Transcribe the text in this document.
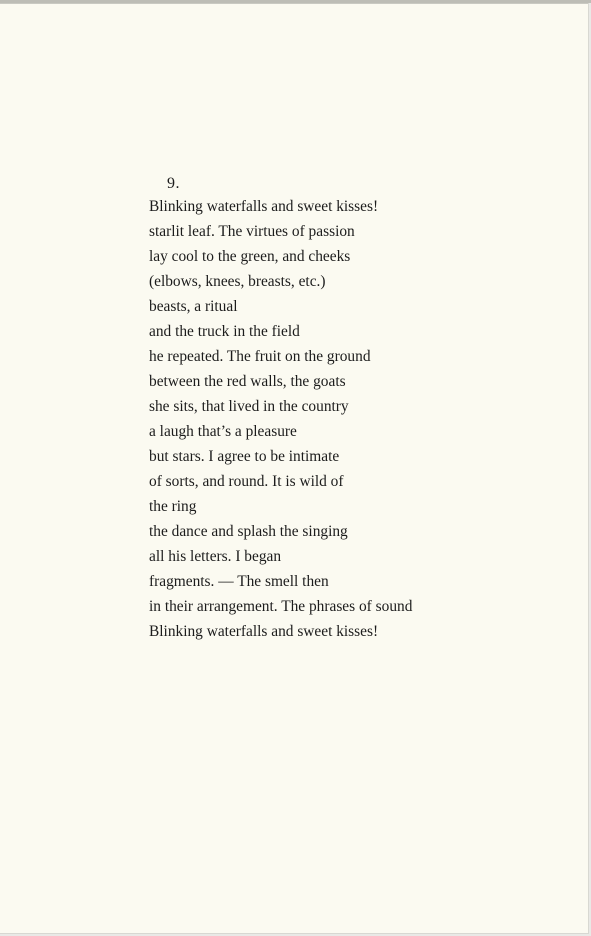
9.
Blinking waterfalls and sweet kisses!
starlit leaf. The virtues of passion
lay cool to the green, and cheeks
(elbows, knees, breasts, etc.)
beasts, a ritual
and the truck in the field
he repeated. The fruit on the ground
between the red walls, the goats
she sits, that lived in the country
a laugh that’s a pleasure
but stars. I agree to be intimate
of sorts, and round. It is wild of
the ring
the dance and splash the singing
all his letters. I began
fragments. — The smell then
in their arrangement. The phrases of sound
Blinking waterfalls and sweet kisses!
